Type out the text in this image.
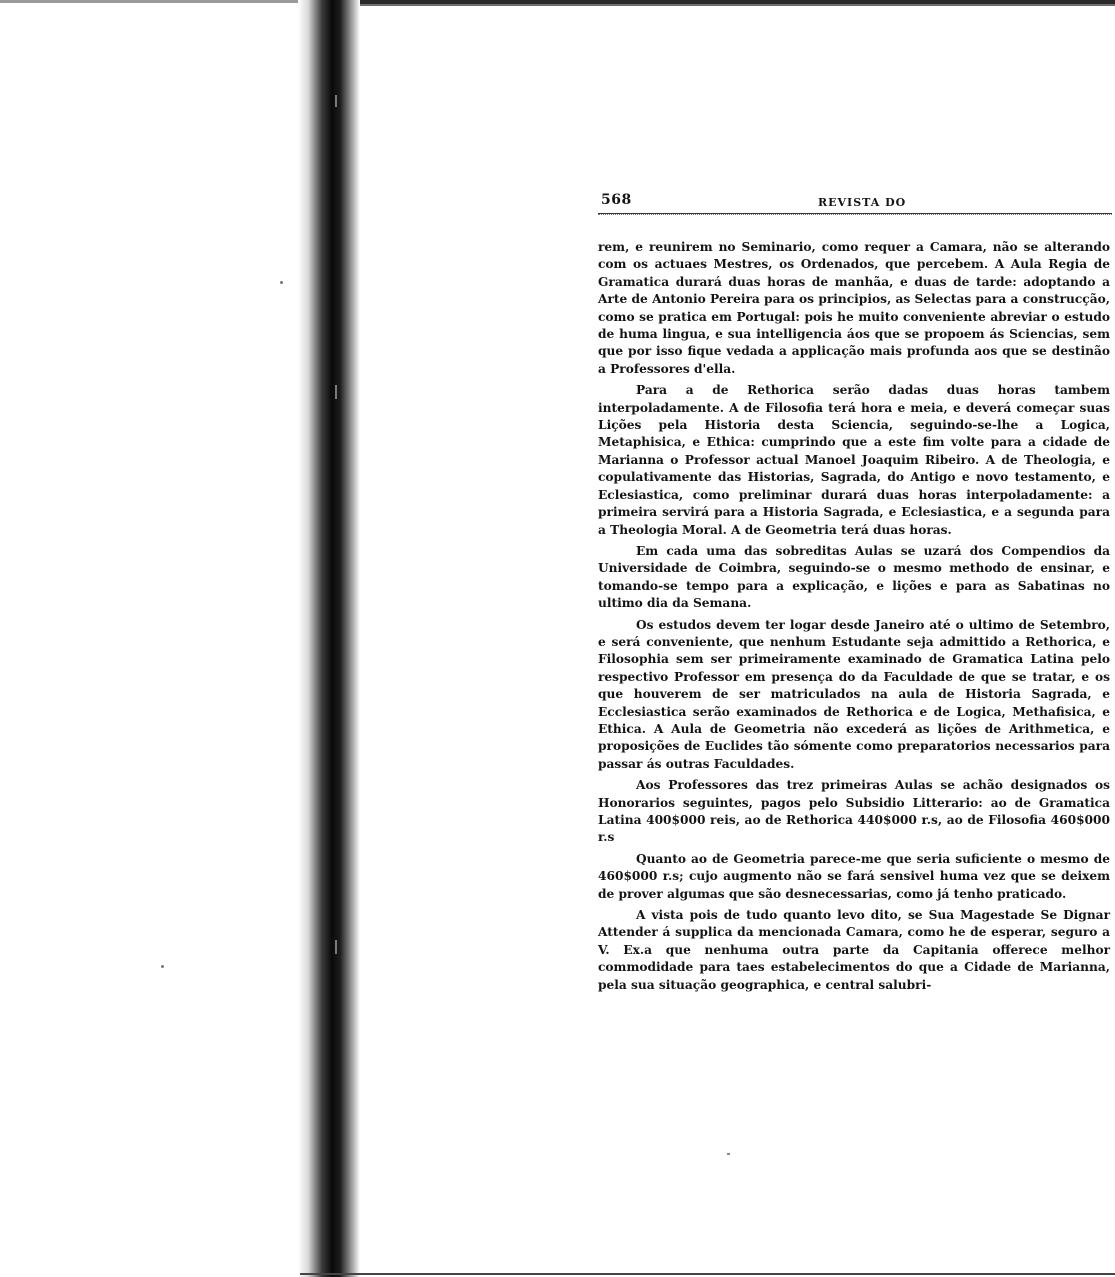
568	REVISTA DO

rem, e reunirem no Seminario, como requer a Camara, não se alterando com os actuaes Mestres, os Ordenados, que percebem. A Aula Regia de Gramatica durará duas horas de manhãa, e duas de tarde: adoptando a Arte de Antonio Pereira para os principios, as Selectas para a construcção, como se pratica em Portugal: pois he muito conveniente abreviar o estudo de huma lingua, e sua intelligencia áos que se propoem ás Sciencias, sem que por isso fique vedada a applicação mais profunda aos que se destinão a Professores d'ella.

Para a de Rethorica serão dadas duas horas tambem interpoladamente. A de Filosofia terá hora e meia, e deverá começar suas Lições pela Historia desta Sciencia, seguindo-se-lhe a Logica, Metaphisica, e Ethica: cumprindo que a este fim volte para a cidade de Marianna o Professor actual Manoel Joaquim Ribeiro. A de Theologia, e copulativamente das Historias, Sagrada, do Antigo e novo testamento, e Eclesiastica, como preliminar durará duas horas interpoladamente: a primeira servirá para a Historia Sagrada, e Eclesiastica, e a segunda para a Theologia Moral. A de Geometria terá duas horas.

Em cada uma das sobreditas Aulas se uzará dos Compendios da Universidade de Coimbra, seguindo-se o mesmo methodo de ensinar, e tomando-se tempo para a explicação, e lições e para as Sabatinas no ultimo dia da Semana.

Os estudos devem ter logar desde Janeiro até o ultimo de Setembro, e será conveniente, que nenhum Estudante seja admittido a Rethorica, e Filosophia sem ser primeiramente examinado de Gramatica Latina pelo respectivo Professor em presença do da Faculdade de que se tratar, e os que houverem de ser matriculados na aula de Historia Sagrada, e Ecclesiastica serão examinados de Rethorica e de Logica, Methafisica, e Ethica. A Aula de Geometria não excederá as lições de Arithmetica, e proposições de Euclides tão sómente como preparatorios necessarios para passar ás outras Faculdades.

Aos Professores das trez primeiras Aulas se achão designados os Honorarios seguintes, pagos pelo Subsidio Litterario: ao de Gramatica Latina 400$000 reis, ao de Rethorica 440$000 r.s, ao de Filosofia 460$000 r.s

Quanto ao de Geometria parece-me que seria suficiente o mesmo de 460$000 r.s; cujo augmento não se fará sensivel huma vez que se deixem de prover algumas que são desnecessarias, como já tenho praticado.

A vista pois de tudo quanto levo dito, se Sua Magestade Se Dignar Attender á supplica da mencionada Camara, como he de esperar, seguro a V. Ex.a que nenhuma outra parte da Capitania offerece melhor commodidade para taes estabelecimentos do que a Cidade de Marianna, pela sua situação geographica, e central salubri-
